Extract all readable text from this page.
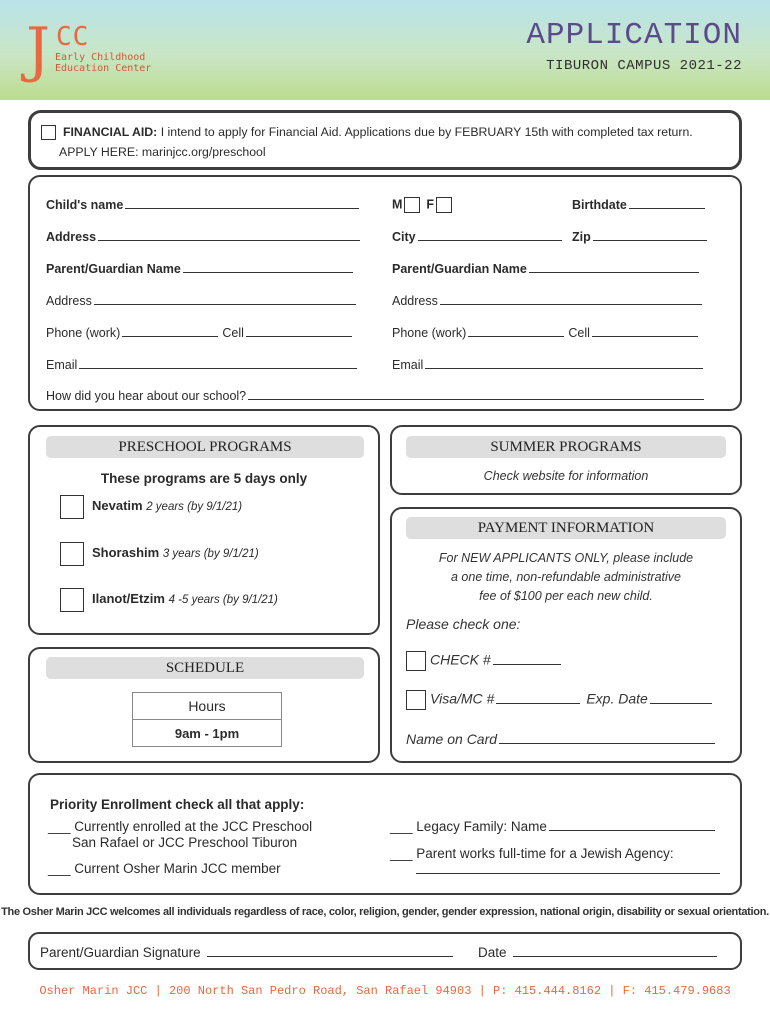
J CC
Early Childhood
Education Center
APPLICATION
TIBURON CAMPUS 2021-22
FINANCIAL AID: I intend to apply for Financial Aid. Applications due by FEBRUARY 15th with completed tax return.
APPLY HERE: marinjcc.org/preschool
Child's name	M F	Birthdate
Address	City	Zip
Parent/Guardian Name	Parent/Guardian Name
Address	Address
Phone (work)	Cell	Phone (work)	Cell
Email	Email
How did you hear about our school?
PRESCHOOL PROGRAMS
These programs are 5 days only
Nevatim 2 years (by 9/1/21)
Shorashim 3 years (by 9/1/21)
Ilanot/Etzim 4 -5 years (by 9/1/21)
SUMMER PROGRAMS
Check website for information
PAYMENT INFORMATION
For NEW APPLICANTS ONLY, please include
a one time, non-refundable administrative
fee of $100 per each new child.
Please check one:
CHECK #
Visa/MC #	Exp. Date
Name on Card
SCHEDULE
Hours
9am - 1pm
Priority Enrollment check all that apply:
___ Currently enrolled at the JCC Preschool
San Rafael or JCC Preschool Tiburon
___ Current Osher Marin JCC member
___ Legacy Family: Name
___ Parent works full-time for a Jewish Agency:

The Osher Marin JCC welcomes all individuals regardless of race, color, religion, gender, gender expression, national origin, disability or sexual orientation.
Parent/Guardian Signature	Date
Osher Marin JCC | 200 North San Pedro Road, San Rafael 94903 | P: 415.444.8162 | F: 415.479.9683
